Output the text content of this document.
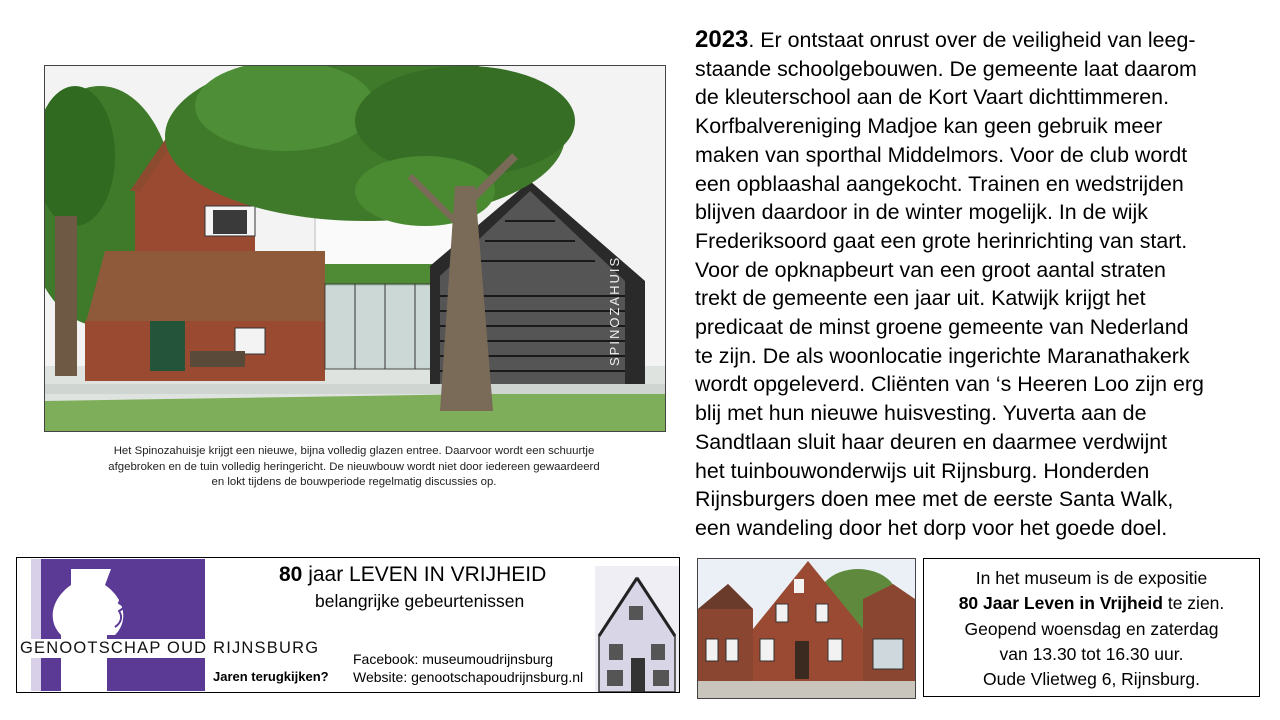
SPINOZAHUIS
Het Spinozahuisje krijgt een nieuwe, bijna volledig glazen entree. Daarvoor wordt een schuurtje
afgebroken en de tuin volledig heringericht. De nieuwbouw wordt niet door iedereen gewaardeerd
en lokt tijdens de bouwperiode regelmatig discussies op.
2023. Er ontstaat onrust over de veiligheid van leeg-
staande schoolgebouwen. De gemeente laat daarom
de kleuterschool aan de Kort Vaart dichttimmeren.
Korfbalvereniging Madjoe kan geen gebruik meer
maken van sporthal Middelmors. Voor de club wordt
een opblaashal aangekocht. Trainen en wedstrijden
blijven daardoor in de winter mogelijk. In de wijk
Frederiksoord gaat een grote herinrichting van start.
Voor de opknapbeurt van een groot aantal straten
trekt de gemeente een jaar uit. Katwijk krijgt het
predicaat de minst groene gemeente van Nederland
te zijn. De als woonlocatie ingerichte Maranathakerk
wordt opgeleverd. Cliënten van ‘s Heeren Loo zijn erg
blij met hun nieuwe huisvesting. Yuverta aan de
Sandtlaan sluit haar deuren en daarmee verdwijnt
het tuinbouwonderwijs uit Rijnsburg. Honderden
Rijnsburgers doen mee met de eerste Santa Walk,
een wandeling door het dorp voor het goede doel.
GENOOTSCHAP OUD RIJNSBURG
80 jaar LEVEN IN VRIJHEID
belangrijke gebeurtenissen
Jaren terugkijken?
Facebook: museumoudrijnsburg
Website: genootschapoudrijnsburg.nl
In het museum is de expositie
80 Jaar Leven in Vrijheid te zien.
Geopend woensdag en zaterdag
van 13.30 tot 16.30 uur.
Oude Vlietweg 6, Rijnsburg.
